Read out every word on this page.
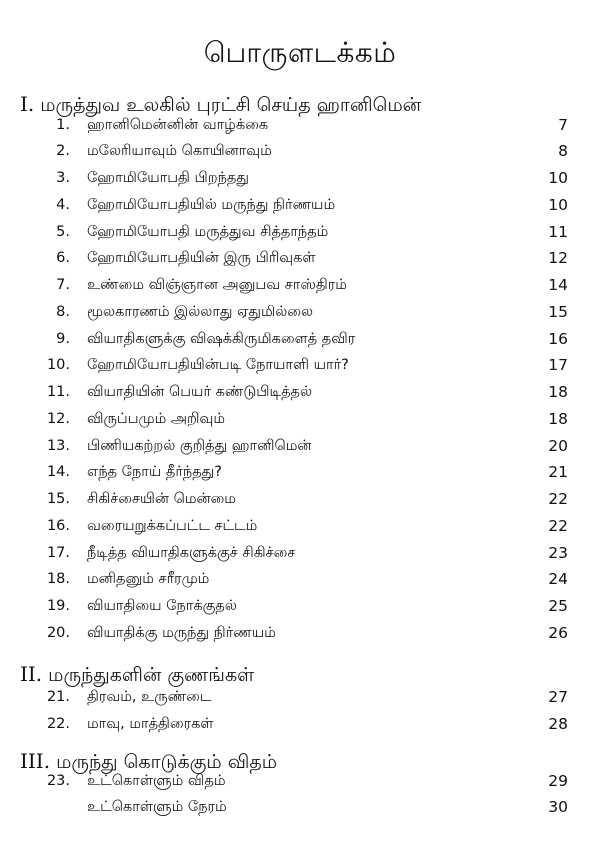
பொருளடக்கம்
I. மருத்துவ உலகில் புரட்சி செய்த ஹானிமென்
1. ஹானிமென்னின் வாழ்க்கை	7
2. மலேரியாவும் கொயினாவும்	8
3. ஹோமியோபதி பிறந்தது	10
4. ஹோமியோபதியில் மருந்து நிர்ணயம்	10
5. ஹோமியோபதி மருத்துவ சித்தாந்தம்	11
6. ஹோமியோபதியின் இரு பிரிவுகள்	12
7. உண்மை விஞ்ஞான அனுபவ சாஸ்திரம்	14
8. மூலகாரணம் இல்லாது ஏதுமில்லை	15
9. வியாதிகளுக்கு விஷக்கிருமிகளைத் தவிர	16
10. ஹோமியோபதியின்படி நோயாளி யார்?	17
11. வியாதியின் பெயர் கண்டுபிடித்தல்	18
12. விருப்பமும் அறிவும்	18
13. பிணியகற்றல் குறித்து ஹானிமென்	20
14. எந்த நோய் தீர்ந்தது?	21
15. சிகிச்சையின் மென்மை	22
16. வரையறுக்கப்பட்ட சட்டம்	22
17. நீடித்த வியாதிகளுக்குச் சிகிச்சை	23
18. மனிதனும் சரீரமும்	24
19. வியாதியை நோக்குதல்	25
20. வியாதிக்கு மருந்து நிர்ணயம்	26
II. மருந்துகளின் குணங்கள்
21. திரவம், உருண்டை	27
22. மாவு, மாத்திரைகள்	28
III. மருந்து கொடுக்கும் விதம்
23. உட்கொள்ளும் விதம்	29
உட்கொள்ளும் நேரம்	30
